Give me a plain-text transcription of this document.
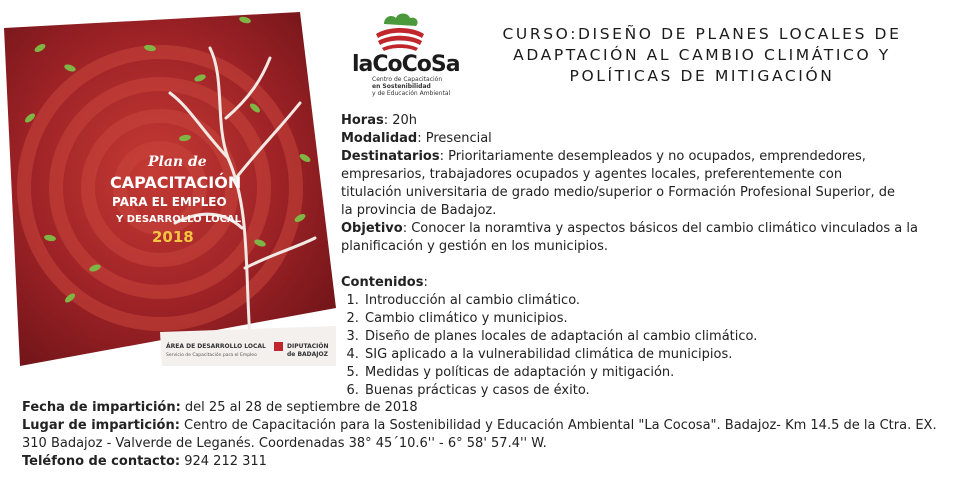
Plan de
CAPACITACIÓN
PARA EL EMPLEO
Y DESARROLLO LOCAL
2018
ÁREA DE DESARROLLO LOCAL
Servicio de Capacitación para el Empleo
DIPUTACIÓN
de BADAJOZ
laCoCoSa
Centro de Capacitación
en Sostenibilidad
y de Educación Ambiental
CURSO:DISEÑO DE PLANES LOCALES DE
ADAPTACIÓN AL CAMBIO CLIMÁTICO Y
POLÍTICAS DE MITIGACIÓN

Horas: 20h

Modalidad: Presencial

Destinatarios: Prioritariamente desempleados y no ocupados, emprendedores, empresarios, trabajadores ocupados y agentes locales, preferentemente con titulación universitaria de grado medio/superior o Formación Profesional Superior, de la provincia de Badajoz.

Objetivo: Conocer la noramtiva y aspectos básicos del cambio climático vinculados a la planificación y gestión en los municipios.

Contenidos:

1. Introducción al cambio climático.
2. Cambio climático y municipios.
3. Diseño de planes locales de adaptación al cambio climático.
4. SIG aplicado a la vulnerabilidad climática de municipios.
5. Medidas y políticas de adaptación y mitigación.
6. Buenas prácticas y casos de éxito.

Fecha de impartición: del 25 al 28 de septiembre de 2018

Lugar de impartición: Centro de Capacitación para la Sostenibilidad y Educación Ambiental "La Cocosa". Badajoz- Km 14.5 de la Ctra. EX. 310 Badajoz - Valverde de Leganés. Coordenadas 38° 45´10.6'' - 6° 58' 57.4'' W.

Teléfono de contacto: 924 212 311
